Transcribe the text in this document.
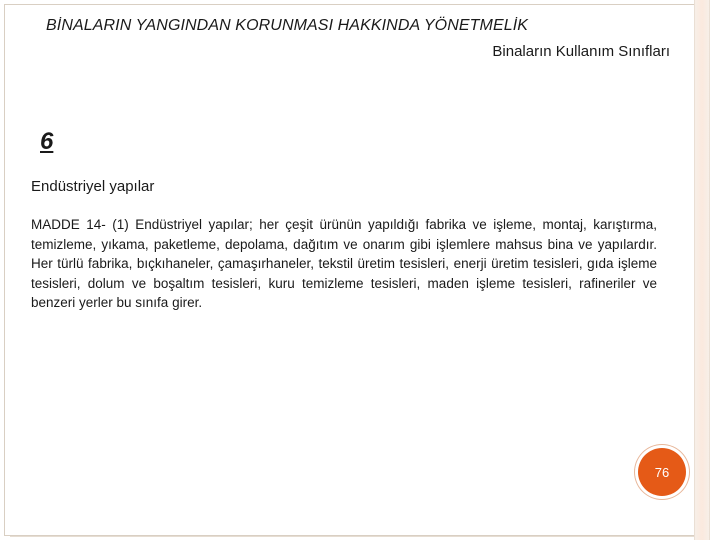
BİNALARIN YANGINDAN KORUNMASI HAKKINDA YÖNETMELİK
Binaların Kullanım Sınıfları
6
Endüstriyel yapılar
MADDE 14- (1) Endüstriyel yapılar; her çeşit ürünün yapıldığı fabrika ve işleme, montaj, karıştırma, temizleme, yıkama, paketleme, depolama, dağıtım ve onarım gibi işlemlere mahsus bina ve yapılardır. Her türlü fabrika, bıçkıhaneler, çamaşırhaneler, tekstil üretim tesisleri, enerji üretim tesisleri, gıda işleme tesisleri, dolum ve boşaltım tesisleri, kuru temizleme tesisleri, maden işleme tesisleri, rafineriler ve benzeri yerler bu sınıfa girer.
76
